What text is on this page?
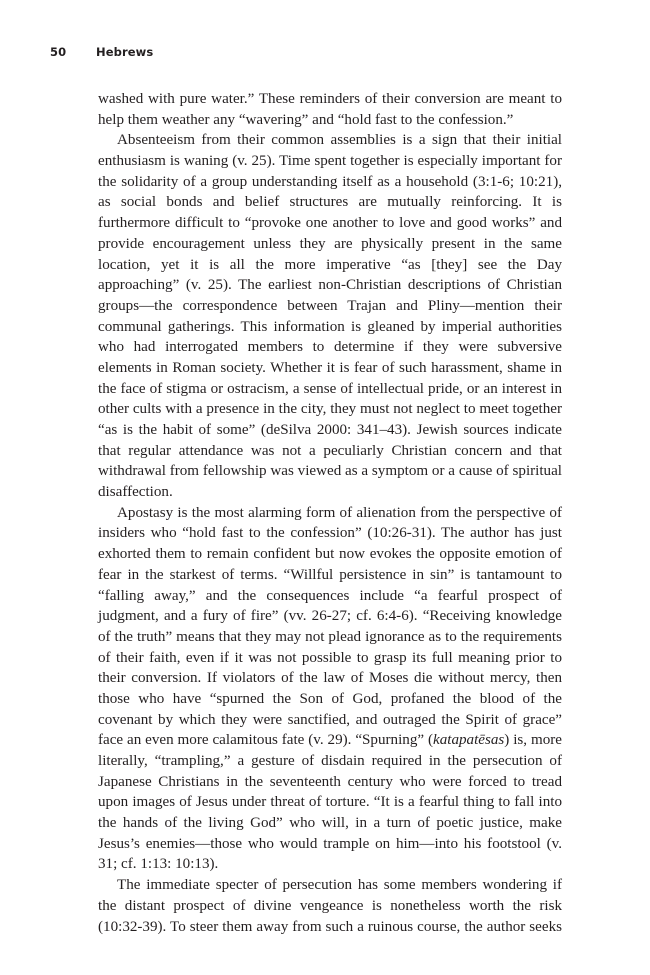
50	Hebrews

washed with pure water.” These reminders of their conversion are meant to help them weather any “wavering” and “hold fast to the confession.”

Absenteeism from their common assemblies is a sign that their initial enthusiasm is waning (v. 25). Time spent together is especially important for the solidarity of a group understanding itself as a household (3:1-6; 10:21), as social bonds and belief structures are mutually reinforcing. It is furthermore difficult to “provoke one another to love and good works” and provide encouragement unless they are physically present in the same location, yet it is all the more imperative “as [they] see the Day approaching” (v. 25). The earliest non-Christian descriptions of Christian groups—the correspondence between Trajan and Pliny—mention their communal gatherings. This information is gleaned by imperial authorities who had interrogated members to determine if they were subversive elements in Roman society. Whether it is fear of such harassment, shame in the face of stigma or ostracism, a sense of intellectual pride, or an interest in other cults with a presence in the city, they must not neglect to meet together “as is the habit of some” (deSilva 2000: 341–43). Jewish sources indicate that regular attendance was not a peculiarly Christian concern and that withdrawal from fellowship was viewed as a symptom or a cause of spiritual disaffection.

Apostasy is the most alarming form of alienation from the perspective of insiders who “hold fast to the confession” (10:26-31). The author has just exhorted them to remain confident but now evokes the opposite emotion of fear in the starkest of terms. “Willful persistence in sin” is tantamount to “falling away,” and the consequences include “a fearful prospect of judgment, and a fury of fire” (vv. 26-27; cf. 6:4-6). “Receiving knowledge of the truth” means that they may not plead ignorance as to the requirements of their faith, even if it was not possible to grasp its full meaning prior to their conversion. If violators of the law of Moses die without mercy, then those who have “spurned the Son of God, profaned the blood of the covenant by which they were sanctified, and outraged the Spirit of grace” face an even more calamitous fate (v. 29). “Spurning” (katapatēsas) is, more literally, “trampling,” a gesture of disdain required in the persecution of Japanese Christians in the seventeenth century who were forced to tread upon images of Jesus under threat of torture. “It is a fearful thing to fall into the hands of the living God” who will, in a turn of poetic justice, make Jesus’s enemies—those who would trample on him—into his footstool (v. 31; cf. 1:13: 10:13).

The immediate specter of persecution has some members wondering if the distant prospect of divine vengeance is nonetheless worth the risk (10:32-39). To steer them away from such a ruinous course, the author seeks
